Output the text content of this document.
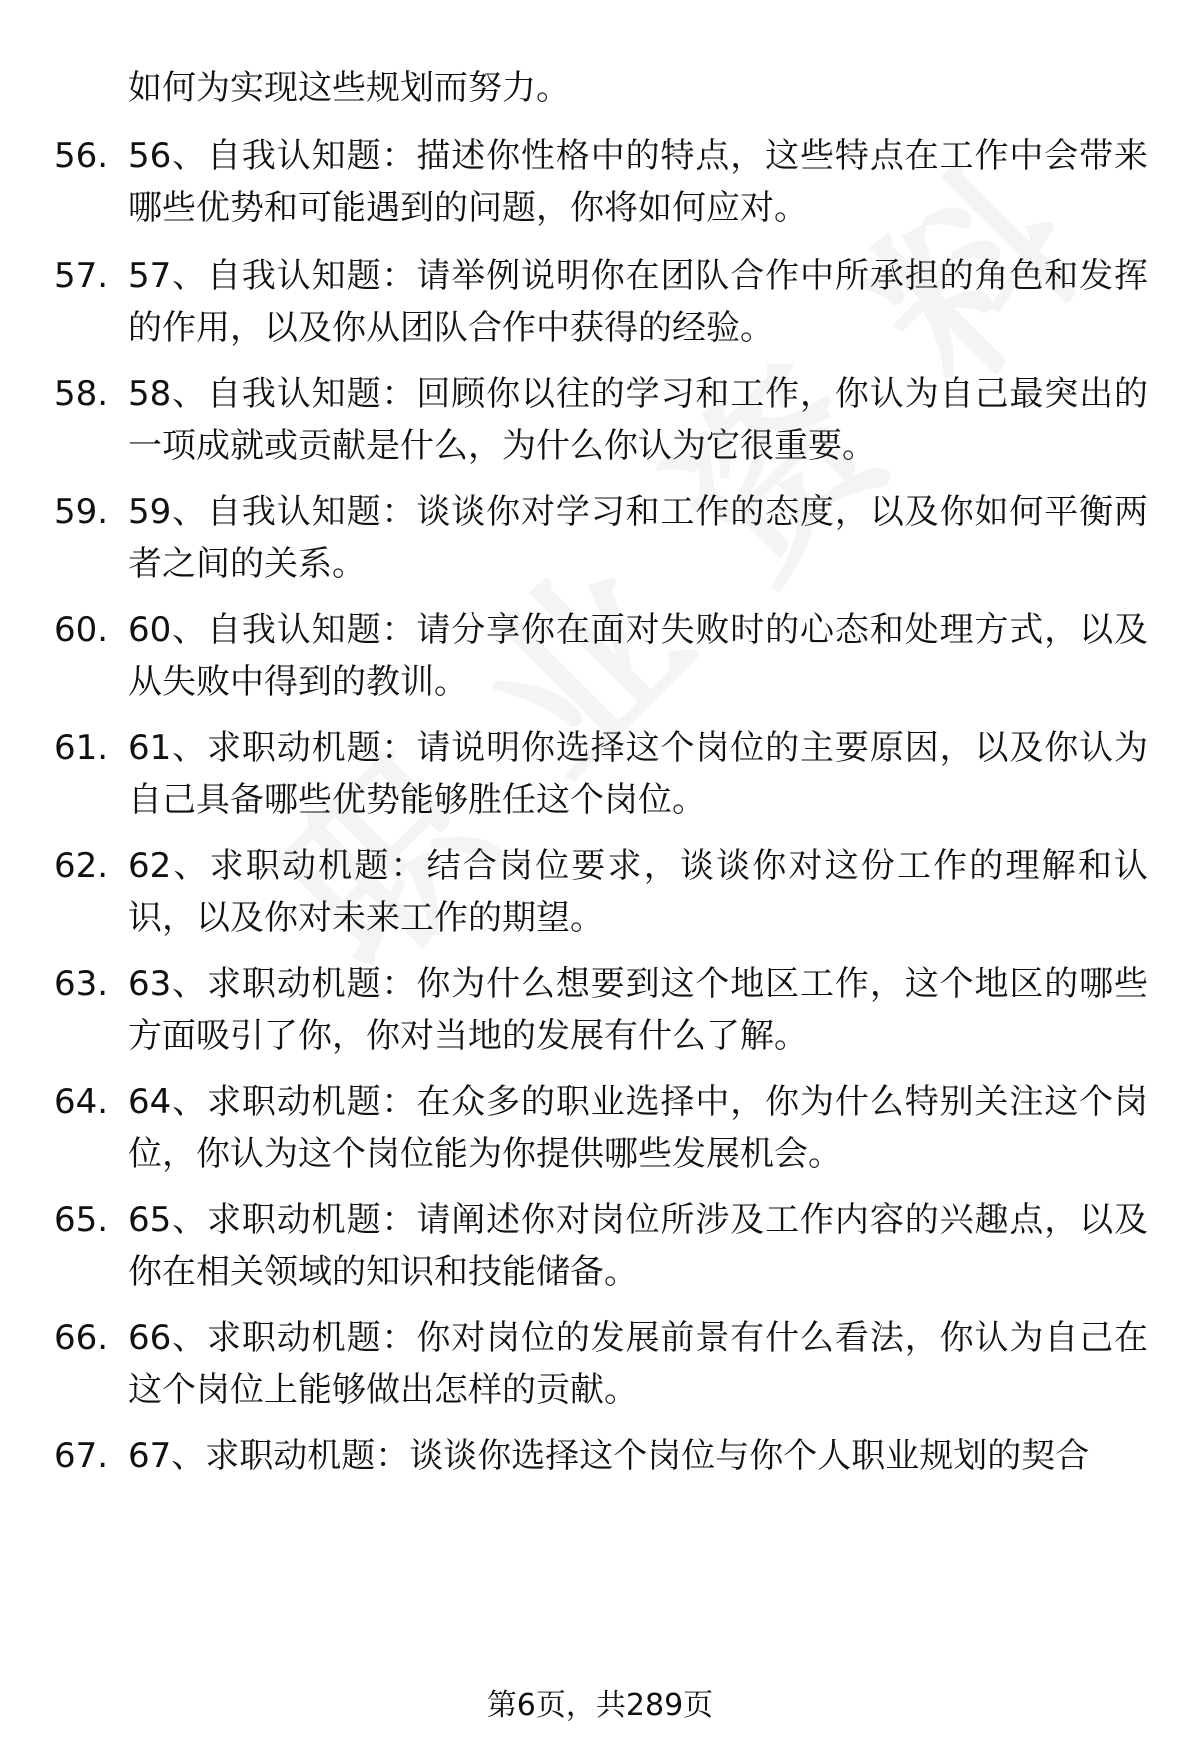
如何为实现这些规划而努力。
56. 56、自我认知题：描述你性格中的特点，这些特点在工作中会带来哪些优势和可能遇到的问题，你将如何应对。
57. 57、自我认知题：请举例说明你在团队合作中所承担的角色和发挥的作用，以及你从团队合作中获得的经验。
58. 58、自我认知题：回顾你以往的学习和工作，你认为自己最突出的一项成就或贡献是什么，为什么你认为它很重要。
59. 59、自我认知题：谈谈你对学习和工作的态度，以及你如何平衡两者之间的关系。
60. 60、自我认知题：请分享你在面对失败时的心态和处理方式，以及从失败中得到的教训。
61. 61、求职动机题：请说明你选择这个岗位的主要原因，以及你认为自己具备哪些优势能够胜任这个岗位。
62. 62、求职动机题：结合岗位要求，谈谈你对这份工作的理解和认识，以及你对未来工作的期望。
63. 63、求职动机题：你为什么想要到这个地区工作，这个地区的哪些方面吸引了你，你对当地的发展有什么了解。
64. 64、求职动机题：在众多的职业选择中，你为什么特别关注这个岗位，你认为这个岗位能为你提供哪些发展机会。
65. 65、求职动机题：请阐述你对岗位所涉及工作内容的兴趣点，以及你在相关领域的知识和技能储备。
66. 66、求职动机题：你对岗位的发展前景有什么看法，你认为自己在这个岗位上能够做出怎样的贡献。
67. 67、求职动机题：谈谈你选择这个岗位与你个人职业规划的契合
第6页，共289页
